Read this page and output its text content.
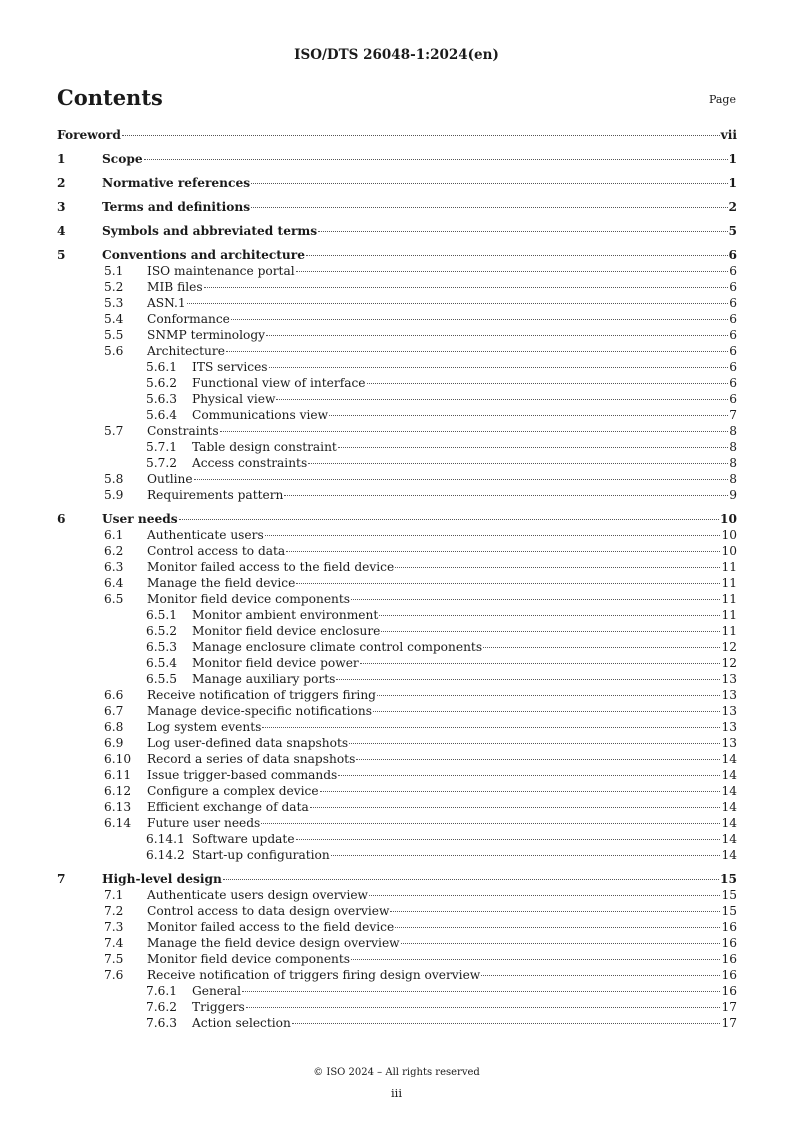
ISO/DTS 26048-1:2024(en)
Contents	Page
Foreword	vii
1	Scope	1
2	Normative references	1
3	Terms and definitions	2
4	Symbols and abbreviated terms	5
5	Conventions and architecture	6
5.1 ISO maintenance portal	6
5.2 MIB files	6
5.3 ASN.1	6
5.4 Conformance	6
5.5 SNMP terminology	6
5.6 Architecture	6
5.6.1 ITS services	6
5.6.2 Functional view of interface	6
5.6.3 Physical view	6
5.6.4 Communications view	7
5.7 Constraints	8
5.7.1 Table design constraint	8
5.7.2 Access constraints	8
5.8 Outline	8
5.9 Requirements pattern	9
6	User needs	10
6.1 Authenticate users	10
6.2 Control access to data	10
6.3 Monitor failed access to the field device	11
6.4 Manage the field device	11
6.5 Monitor field device components	11
6.5.1 Monitor ambient environment	11
6.5.2 Monitor field device enclosure	11
6.5.3 Manage enclosure climate control components	12
6.5.4 Monitor field device power	12
6.5.5 Manage auxiliary ports	13
6.6 Receive notification of triggers firing	13
6.7 Manage device-specific notifications	13
6.8 Log system events	13
6.9 Log user-defined data snapshots	13
6.10 Record a series of data snapshots	14
6.11 Issue trigger-based commands	14
6.12 Configure a complex device	14
6.13 Efficient exchange of data	14
6.14 Future user needs	14
6.14.1 Software update	14
6.14.2 Start-up configuration	14
7	High-level design	15
7.1 Authenticate users design overview	15
7.2 Control access to data design overview	15
7.3 Monitor failed access to the field device	16
7.4 Manage the field device design overview	16
7.5 Monitor field device components	16
7.6 Receive notification of triggers firing design overview	16
7.6.1 General	16
7.6.2 Triggers	17
7.6.3 Action selection	17
© ISO 2024 – All rights reserved
iii
